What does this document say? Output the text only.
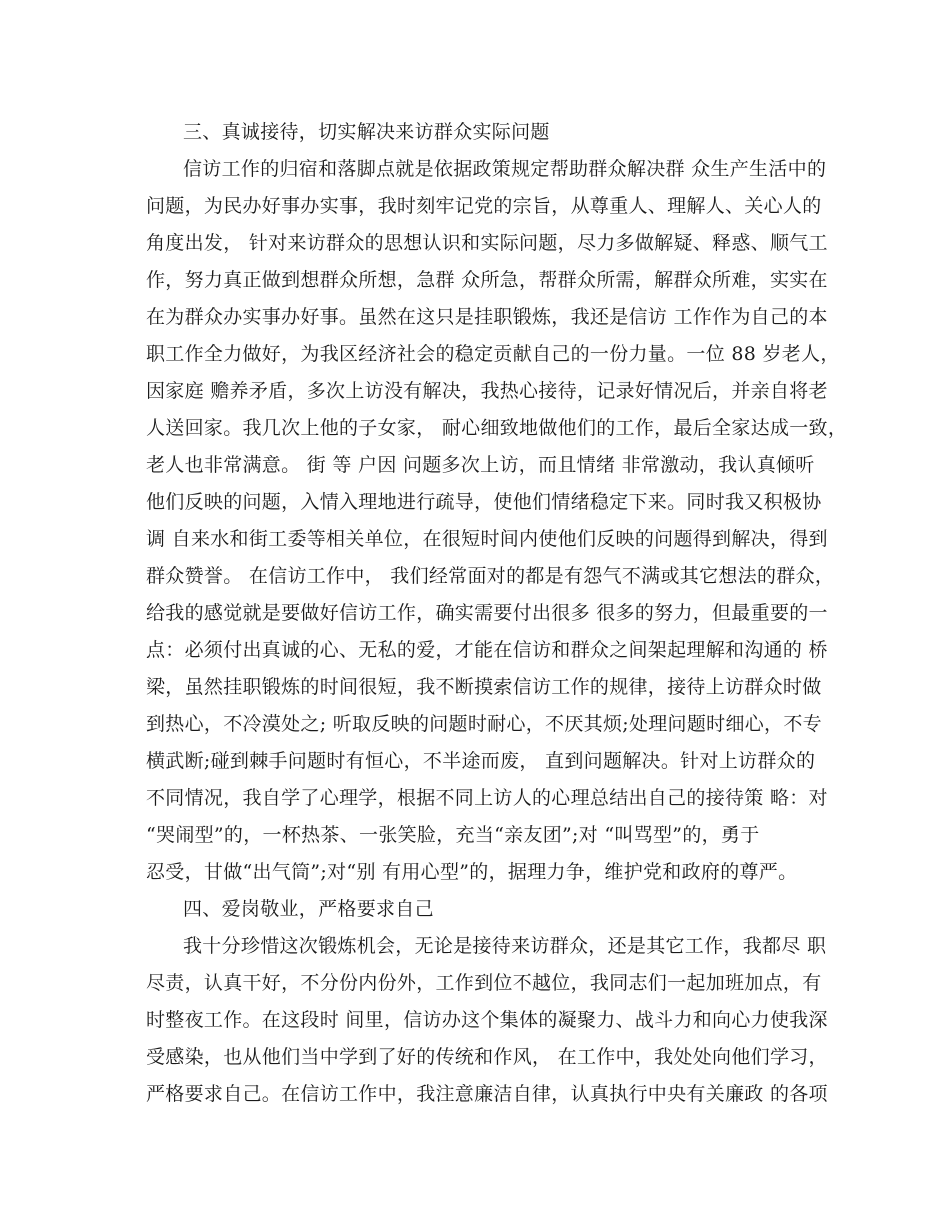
三、真诚接待，切实解决来访群众实际问题
信访工作的归宿和落脚点就是依据政策规定帮助群众解决群 众生产生活中的
问题，为民办好事办实事，我时刻牢记党的宗旨，从尊重人、理解人、关心人的
角度出发， 针对来访群众的思想认识和实际问题，尽力多做解疑、释惑、顺气工
作，努力真正做到想群众所想，急群 众所急，帮群众所需，解群众所难，实实在
在为群众办实事办好事。虽然在这只是挂职锻炼，我还是信访 工作作为自己的本
职工作全力做好，为我区经济社会的稳定贡献自己的一份力量。一位 88 岁老人，
因家庭 赡养矛盾，多次上访没有解决，我热心接待，记录好情况后，并亲自将老
人送回家。我几次上他的子女家， 耐心细致地做他们的工作，最后全家达成一致，
老人也非常满意。 街 等 户因 问题多次上访，而且情绪 非常激动，我认真倾听
他们反映的问题，入情入理地进行疏导，使他们情绪稳定下来。同时我又积极协
调 自来水和街工委等相关单位，在很短时间内使他们反映的问题得到解决，得到
群众赞誉。 在信访工作中， 我们经常面对的都是有怨气不满或其它想法的群众，
给我的感觉就是要做好信访工作，确实需要付出很多 很多的努力，但最重要的一
点：必须付出真诚的心、无私的爱，才能在信访和群众之间架起理解和沟通的 桥
梁，虽然挂职锻炼的时间很短，我不断摸索信访工作的规律，接待上访群众时做
到热心，不冷漠处之; 听取反映的问题时耐心，不厌其烦;处理问题时细心，不专
横武断;碰到棘手问题时有恒心，不半途而废， 直到问题解决。针对上访群众的
不同情况，我自学了心理学，根据不同上访人的心理总结出自己的接待策 略：对
“哭闹型”的，一杯热茶、一张笑脸，充当“亲友团”;对 “叫骂型”的，勇于
忍受，甘做“出气筒”;对“别 有用心型”的，据理力争，维护党和政府的尊严。
四、爱岗敬业，严格要求自己
我十分珍惜这次锻炼机会，无论是接待来访群众，还是其它工作，我都尽 职
尽责，认真干好，不分份内份外，工作到位不越位，我同志们一起加班加点，有
时整夜工作。在这段时 间里，信访办这个集体的凝聚力、战斗力和向心力使我深
受感染，也从他们当中学到了好的传统和作风， 在工作中，我处处向他们学习，
严格要求自己。在信访工作中，我注意廉洁自律，认真执行中央有关廉政 的各项
